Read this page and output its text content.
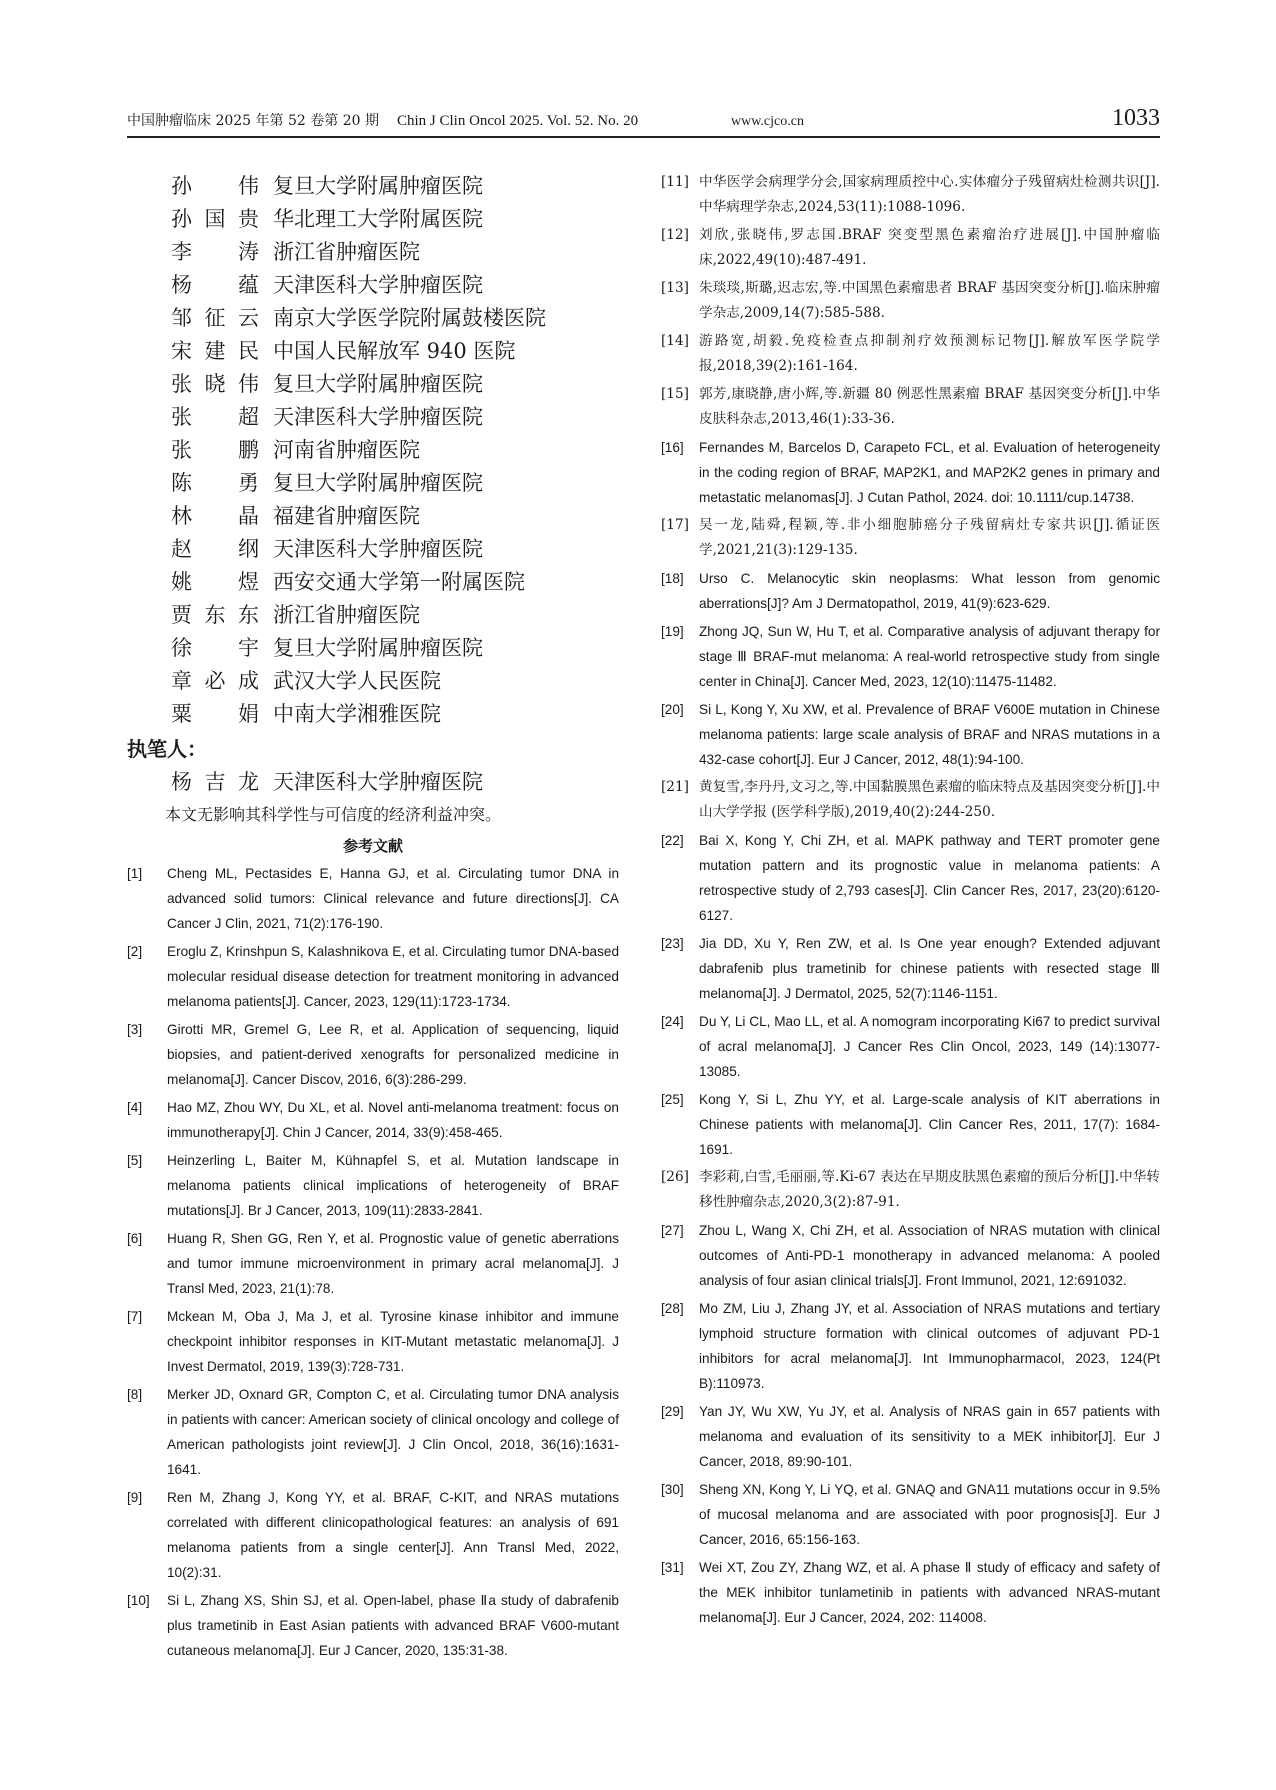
中国肿瘤临床 2025 年第 52 卷第 20 期 Chin J Clin Oncol 2025. Vol. 52. No. 20	www.cjco.cn	1033
孙　伟 复旦大学附属肿瘤医院
孙国贵 华北理工大学附属医院
李　涛 浙江省肿瘤医院
杨　蕴 天津医科大学肿瘤医院
邹征云 南京大学医学院附属鼓楼医院
宋建民 中国人民解放军 940 医院
张晓伟 复旦大学附属肿瘤医院
张　超 天津医科大学肿瘤医院
张　鹏 河南省肿瘤医院
陈　勇 复旦大学附属肿瘤医院
林　晶 福建省肿瘤医院
赵　纲 天津医科大学肿瘤医院
姚　煜 西安交通大学第一附属医院
贾东东 浙江省肿瘤医院
徐　宇 复旦大学附属肿瘤医院
章必成 武汉大学人民医院
粟　娟 中南大学湘雅医院
执笔人：
杨吉龙 天津医科大学肿瘤医院
本文无影响其科学性与可信度的经济利益冲突。
参考文献
[1]	Cheng ML, Pectasides E, Hanna GJ, et al. Circulating tumor DNA in advanced solid tumors: Clinical relevance and future directions[J]. CA Cancer J Clin, 2021, 71(2):176-190.
[2]	Eroglu Z, Krinshpun S, Kalashnikova E, et al. Circulating tumor DNA-based molecular residual disease detection for treatment monitoring in advanced melanoma patients[J]. Cancer, 2023, 129(11):1723-1734.
[3]	Girotti MR, Gremel G, Lee R, et al. Application of sequencing, liquid biopsies, and patient-derived xenografts for personalized medicine in melanoma[J]. Cancer Discov, 2016, 6(3):286-299.
[4]	Hao MZ, Zhou WY, Du XL, et al. Novel anti-melanoma treatment: focus on immunotherapy[J]. Chin J Cancer, 2014, 33(9):458-465.
[5]	Heinzerling L, Baiter M, Kühnapfel S, et al. Mutation landscape in melanoma patients clinical implications of heterogeneity of BRAF mutations[J]. Br J Cancer, 2013, 109(11):2833-2841.
[6]	Huang R, Shen GG, Ren Y, et al. Prognostic value of genetic aberrations and tumor immune microenvironment in primary acral melanoma[J]. J Transl Med, 2023, 21(1):78.
[7]	Mckean M, Oba J, Ma J, et al. Tyrosine kinase inhibitor and immune checkpoint inhibitor responses in KIT-Mutant metastatic melanoma[J]. J Invest Dermatol, 2019, 139(3):728-731.
[8]	Merker JD, Oxnard GR, Compton C, et al. Circulating tumor DNA analysis in patients with cancer: American society of clinical oncology and college of American pathologists joint review[J]. J Clin Oncol, 2018, 36(16):1631-1641.
[9]	Ren M, Zhang J, Kong YY, et al. BRAF, C-KIT, and NRAS mutations correlated with different clinicopathological features: an analysis of 691 melanoma patients from a single center[J]. Ann Transl Med, 2022, 10(2):31.
[10]	Si L, Zhang XS, Shin SJ, et al. Open-label, phase Ⅱa study of dabrafenib plus trametinib in East Asian patients with advanced BRAF V600-mutant cutaneous melanoma[J]. Eur J Cancer, 2020, 135:31-38.
[11] 中华医学会病理学分会,国家病理质控中心.实体瘤分子残留病灶检测共识[J].中华病理学杂志,2024,53(11):1088-1096.
[12] 刘欣,张晓伟,罗志国.BRAF 突变型黑色素瘤治疗进展[J].中国肿瘤临床,2022,49(10):487-491.
[13] 朱琰琰,斯璐,迟志宏,等.中国黑色素瘤患者 BRAF 基因突变分析[J].临床肿瘤学杂志,2009,14(7):585-588.
[14] 游路宽,胡毅.免疫检查点抑制剂疗效预测标记物[J].解放军医学院学报,2018,39(2):161-164.
[15] 郭芳,康晓静,唐小辉,等.新疆 80 例恶性黑素瘤 BRAF 基因突变分析[J].中华皮肤科杂志,2013,46(1):33-36.
[16]	Fernandes M, Barcelos D, Carapeto FCL, et al. Evaluation of heterogeneity in the coding region of BRAF, MAP2K1, and MAP2K2 genes in primary and metastatic melanomas[J]. J Cutan Pathol, 2024. doi: 10.1111/cup.14738.
[17] 吴一龙,陆舜,程颖,等.非小细胞肺癌分子残留病灶专家共识[J].循证医学,2021,21(3):129-135.
[18]	Urso C. Melanocytic skin neoplasms: What lesson from genomic aberrations[J]? Am J Dermatopathol, 2019, 41(9):623-629.
[19]	Zhong JQ, Sun W, Hu T, et al. Comparative analysis of adjuvant therapy for stage Ⅲ BRAF-mut melanoma: A real-world retrospective study from single center in China[J]. Cancer Med, 2023, 12(10):11475-11482.
[20]	Si L, Kong Y, Xu XW, et al. Prevalence of BRAF V600E mutation in Chinese melanoma patients: large scale analysis of BRAF and NRAS mutations in a 432-case cohort[J]. Eur J Cancer, 2012, 48(1):94-100.
[21] 黄复雪,李丹丹,文习之,等.中国黏膜黑色素瘤的临床特点及基因突变分析[J].中山大学学报 (医学科学版),2019,40(2):244-250.
[22]	Bai X, Kong Y, Chi ZH, et al. MAPK pathway and TERT promoter gene mutation pattern and its prognostic value in melanoma patients: A retrospective study of 2,793 cases[J]. Clin Cancer Res, 2017, 23(20):6120-6127.
[23]	Jia DD, Xu Y, Ren ZW, et al. Is One year enough? Extended adjuvant dabrafenib plus trametinib for chinese patients with resected stage Ⅲ melanoma[J]. J Dermatol, 2025, 52(7):1146-1151.
[24]	Du Y, Li CL, Mao LL, et al. A nomogram incorporating Ki67 to predict survival of acral melanoma[J]. J Cancer Res Clin Oncol, 2023, 149 (14):13077-13085.
[25]	Kong Y, Si L, Zhu YY, et al. Large-scale analysis of KIT aberrations in Chinese patients with melanoma[J]. Clin Cancer Res, 2011, 17(7): 1684-1691.
[26] 李彩莉,白雪,毛丽丽,等.Ki-67 表达在早期皮肤黑色素瘤的预后分析[J].中华转移性肿瘤杂志,2020,3(2):87-91.
[27]	Zhou L, Wang X, Chi ZH, et al. Association of NRAS mutation with clinical outcomes of Anti-PD-1 monotherapy in advanced melanoma: A pooled analysis of four asian clinical trials[J]. Front Immunol, 2021, 12:691032.
[28]	Mo ZM, Liu J, Zhang JY, et al. Association of NRAS mutations and tertiary lymphoid structure formation with clinical outcomes of adjuvant PD-1 inhibitors for acral melanoma[J]. Int Immunopharmacol, 2023, 124(Pt B):110973.
[29]	Yan JY, Wu XW, Yu JY, et al. Analysis of NRAS gain in 657 patients with melanoma and evaluation of its sensitivity to a MEK inhibitor[J]. Eur J Cancer, 2018, 89:90-101.
[30]	Sheng XN, Kong Y, Li YQ, et al. GNAQ and GNA11 mutations occur in 9.5% of mucosal melanoma and are associated with poor prognosis[J]. Eur J Cancer, 2016, 65:156-163.
[31]	Wei XT, Zou ZY, Zhang WZ, et al. A phase Ⅱ study of efficacy and safety of the MEK inhibitor tunlametinib in patients with advanced NRAS-mutant melanoma[J]. Eur J Cancer, 2024, 202: 114008.
